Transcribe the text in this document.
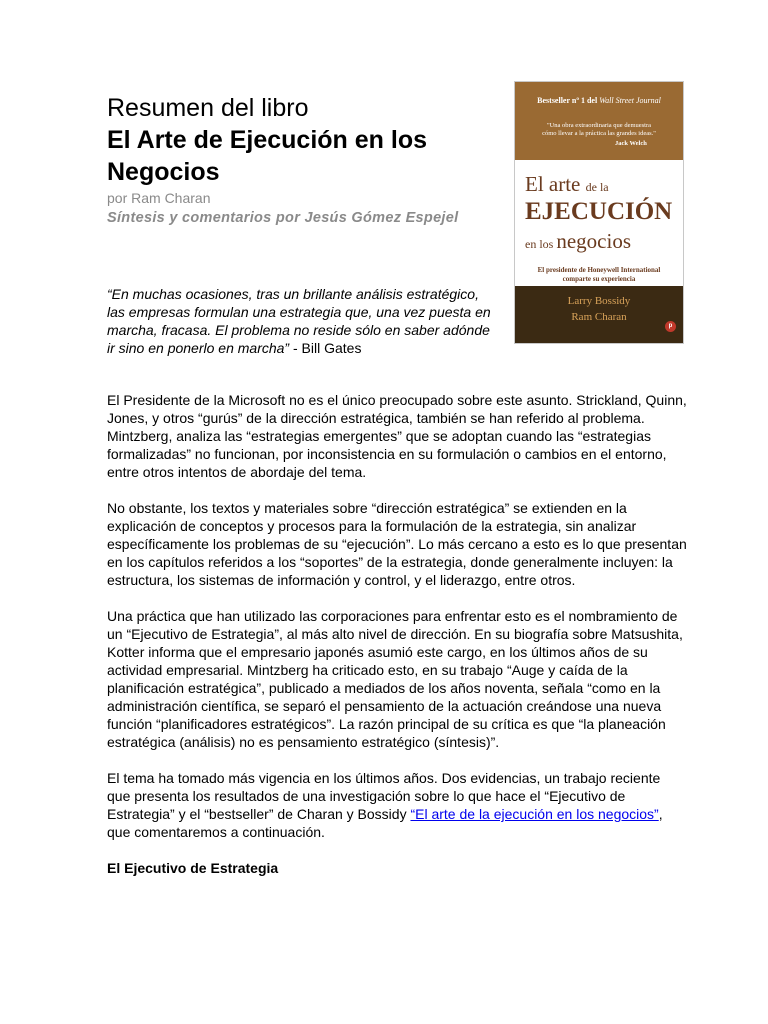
Resumen del libro
El Arte de Ejecución en los Negocios
por Ram Charan
Síntesis y comentarios por Jesús Gómez Espejel
Bestseller nº 1 del Wall Street Journal
"Una obra extraordinaria que demuestra
cómo llevar a la práctica las grandes ideas."
Jack Welch
El arte de la
EJECUCIÓN
en los negocios
El presidente de Honeywell International
comparte su experiencia
Larry Bossidy
Ram Charan
p

“En muchas ocasiones, tras un brillante análisis estratégico, las empresas formulan una estrategia que, una vez puesta en marcha, fracasa. El problema no reside sólo en saber adónde ir sino en ponerlo en marcha” - Bill Gates

El Presidente de la Microsoft no es el único preocupado sobre este asunto. Strickland, Quinn, Jones, y otros “gurús” de la dirección estratégica, también se han referido al problema. Mintzberg, analiza las “estrategias emergentes” que se adoptan cuando las “estrategias formalizadas” no funcionan, por inconsistencia en su formulación o cambios en el entorno, entre otros intentos de abordaje del tema.

No obstante, los textos y materiales sobre “dirección estratégica” se extienden en la explicación de conceptos y procesos para la formulación de la estrategia, sin analizar específicamente los problemas de su “ejecución”. Lo más cercano a esto es lo que presentan en los capítulos referidos a los “soportes” de la estrategia, donde generalmente incluyen: la estructura, los sistemas de información y control, y el liderazgo, entre otros.

Una práctica que han utilizado las corporaciones para enfrentar esto es el nombramiento de un “Ejecutivo de Estrategia”, al más alto nivel de dirección. En su biografía sobre Matsushita, Kotter informa que el empresario japonés asumió este cargo, en los últimos años de su actividad empresarial. Mintzberg ha criticado esto, en su trabajo “Auge y caída de la planificación estratégica”, publicado a mediados de los años noventa, señala “como en la administración científica, se separó el pensamiento de la actuación creándose una nueva función “planificadores estratégicos”. La razón principal de su crítica es que “la planeación estratégica (análisis) no es pensamiento estratégico (síntesis)”.

El tema ha tomado más vigencia en los últimos años. Dos evidencias, un trabajo reciente que presenta los resultados de una investigación sobre lo que hace el “Ejecutivo de Estrategia” y el “bestseller” de Charan y Bossidy “El arte de la ejecución en los negocios”, que comentaremos a continuación.

El Ejecutivo de Estrategia
